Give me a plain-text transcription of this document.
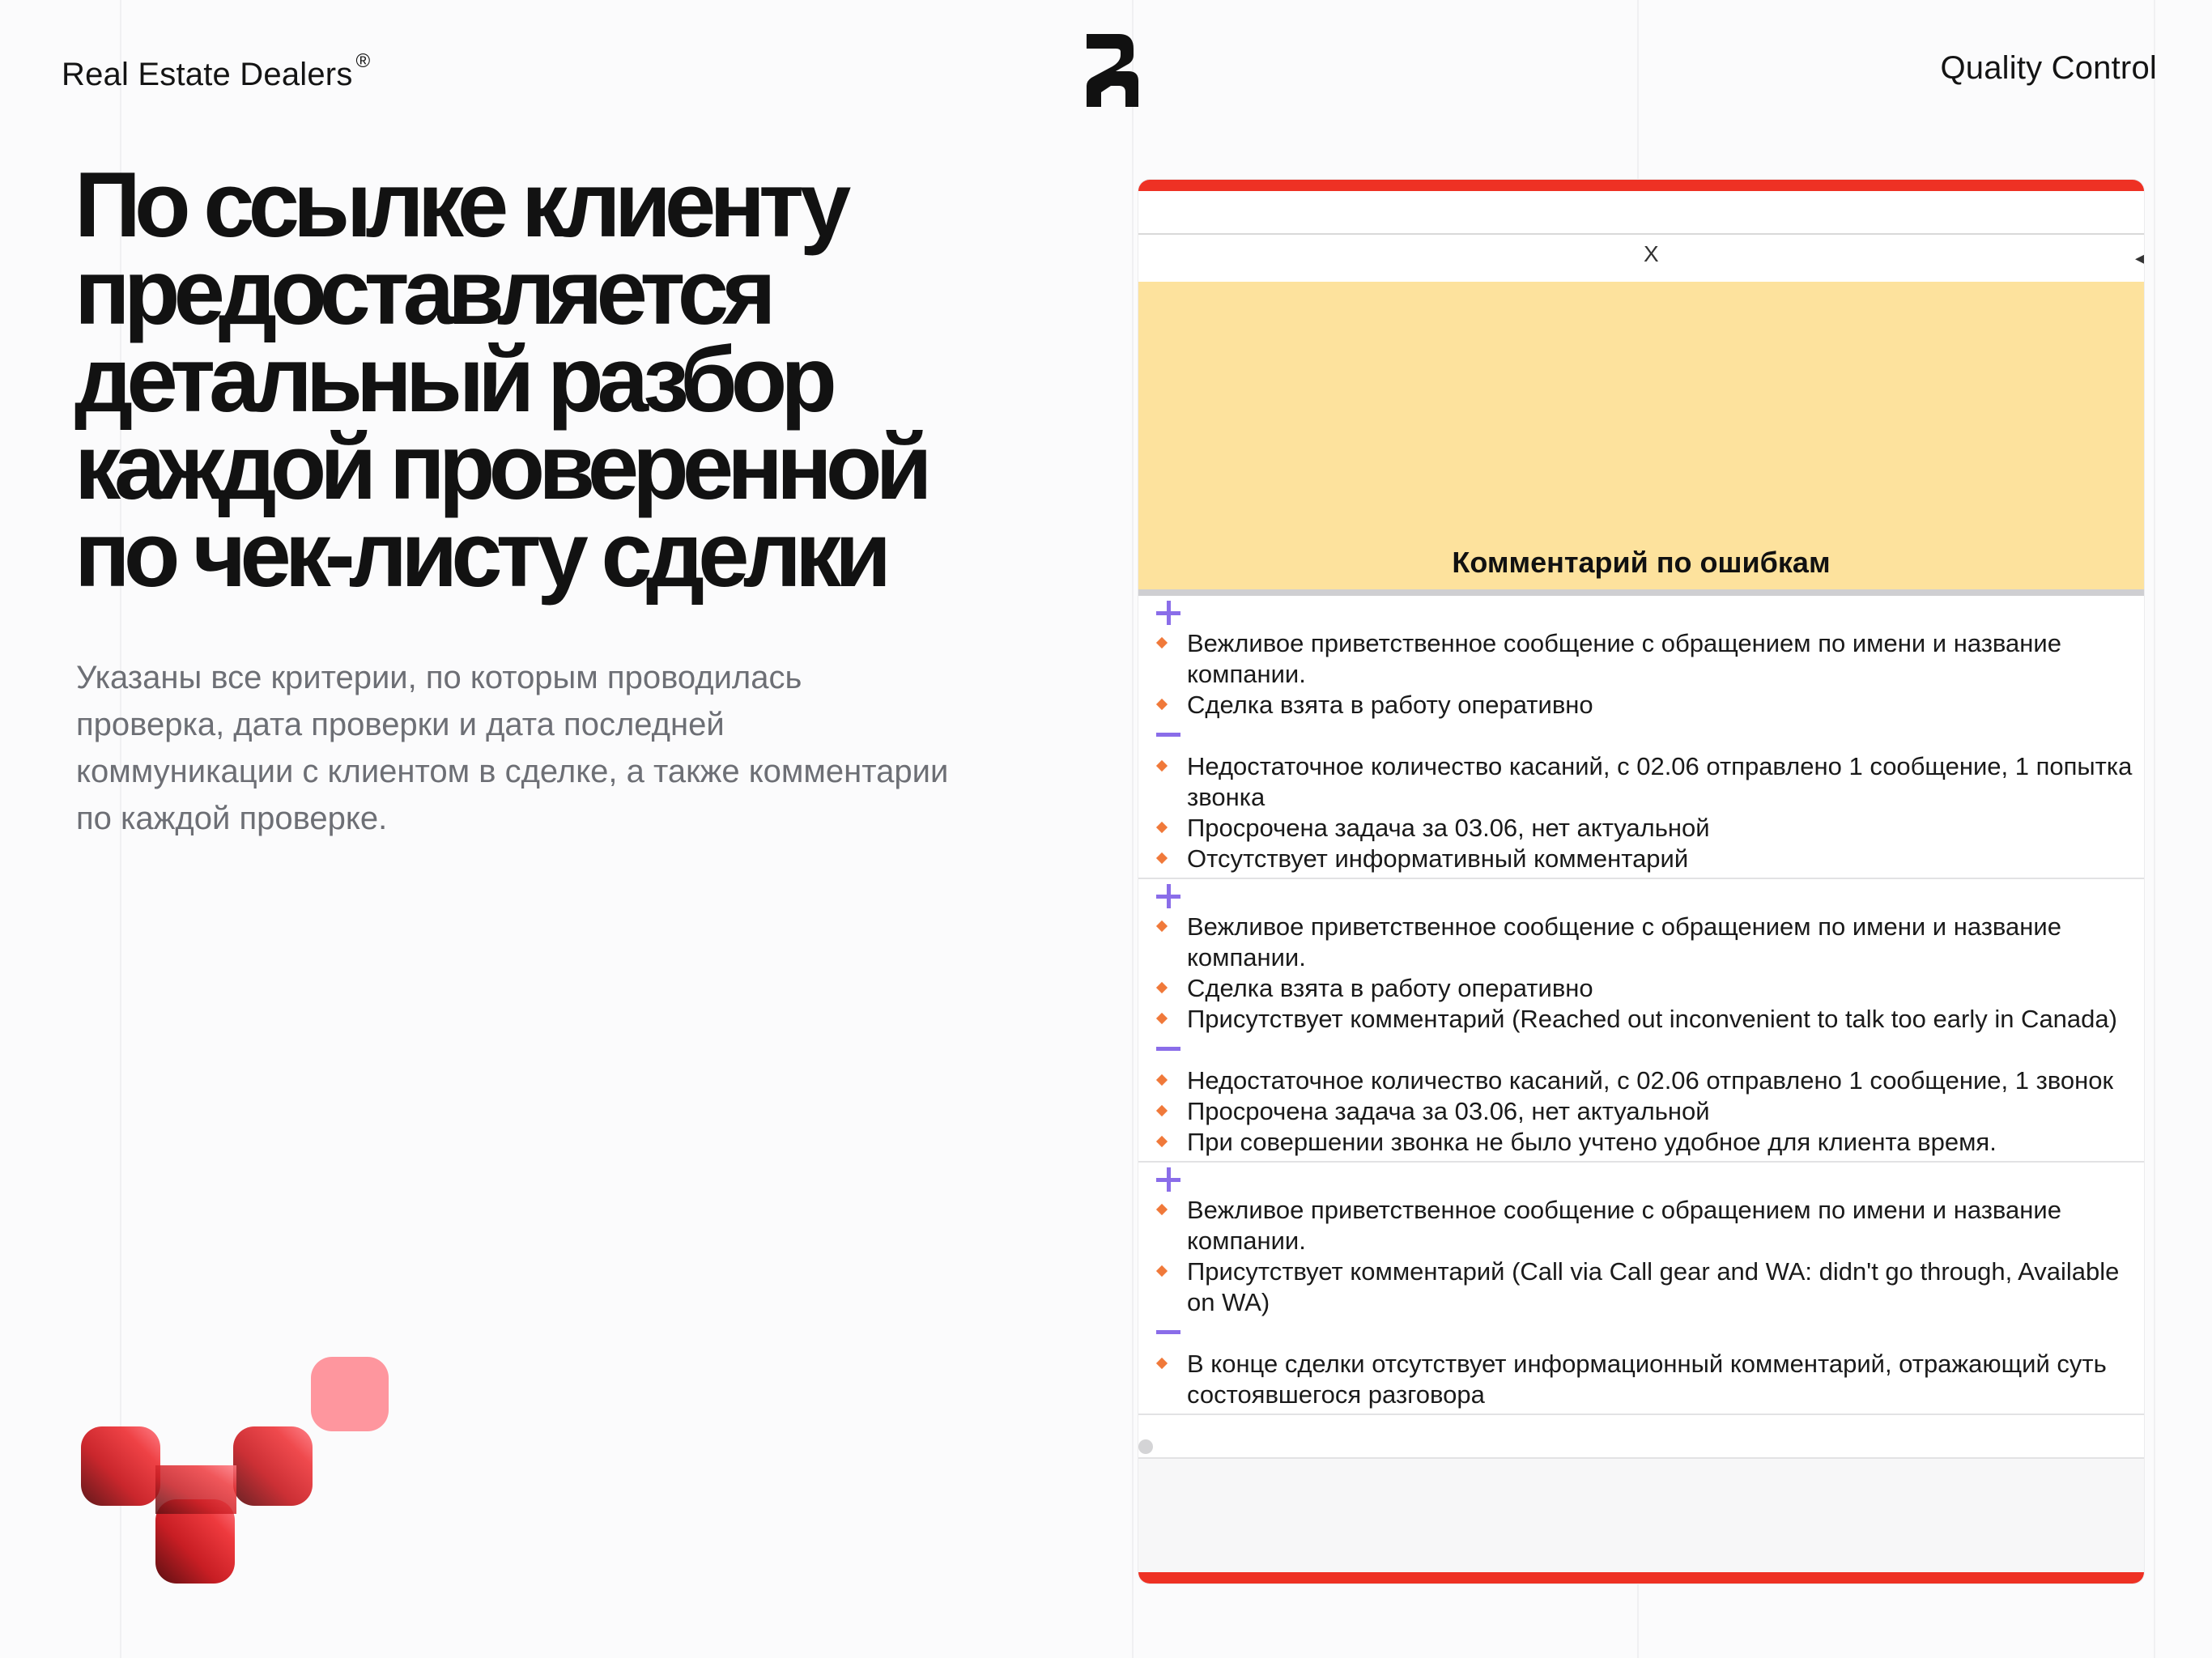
Real Estate Dealers ®	Quality Control
По ссылке клиенту предоставляется детальный разбор каждой проверенной по чек-листу сделки

Указаны все критерии, по которым проводилась проверка, дата проверки и дата последней коммуникации с клиентом в сделке, а также комментарии по каждой проверке.

X	◂
Комментарий по ошибкам

Вежливое приветственное сообщение с обращением по имени и название компании.

Сделка взята в работу оперативно

Недостаточное количество касаний, с 02.06 отправлено 1 сообщение, 1 попытка звонка

Просрочена задача за 03.06, нет актуальной

Отсутствует информативный комментарий

Вежливое приветственное сообщение с обращением по имени и название компании.

Сделка взята в работу оперативно

Присутствует комментарий (Reached out inconvenient to talk too early in Canada)

Недостаточное количество касаний, с 02.06 отправлено 1 сообщение, 1 звонок

Просрочена задача за 03.06, нет актуальной

При совершении звонка не было учтено удобное для клиента время.

Вежливое приветственное сообщение с обращением по имени и название компании.

Присутствует комментарий (Call via Call gear and WA: didn't go through, Available on WA)

В конце сделки отсутствует информационный комментарий, отражающий суть состоявшегося разговора
